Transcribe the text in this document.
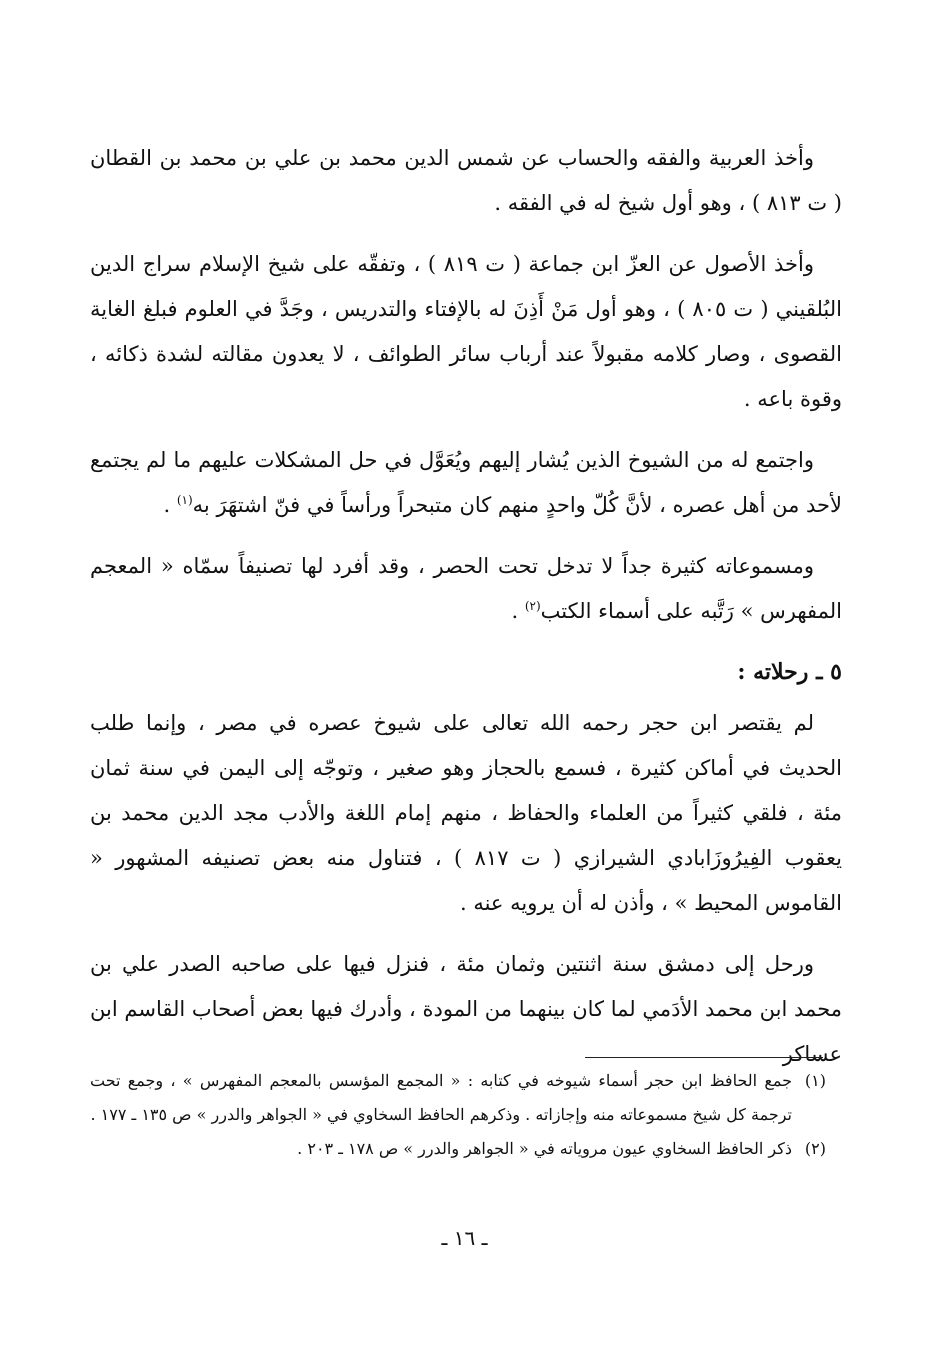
وأخذ العربية والفقه والحساب عن شمس الدين محمد بن علي بن محمد بن القطان ( ت ٨١٣ ) ، وهو أول شيخ له في الفقه .

وأخذ الأصول عن العزّ ابن جماعة ( ت ٨١٩ ) ، وتفقّه على شيخ الإسلام سراج الدين البُلقيني ( ت ٨٠٥ ) ، وهو أول مَنْ أَذِنَ له بالإفتاء والتدريس ، وجَدَّ في العلوم فبلغ الغاية القصوى ، وصار كلامه مقبولاً عند أرباب سائر الطوائف ، لا يعدون مقالته لشدة ذكائه ، وقوة باعه .

واجتمع له من الشيوخ الذين يُشار إليهم ويُعَوَّل في حل المشكلات عليهم ما لم يجتمع لأحد من أهل عصره ، لأنَّ كُلّ واحدٍ منهم كان متبحراً ورأساً في فنّ اشتهَرَ به$^{(١)}$ .

ومسموعاته كثيرة جداً لا تدخل تحت الحصر ، وقد أفرد لها تصنيفاً سمّاه « المعجم المفهرس » رَتَّبه على أسماء الكتب$^{(٢)}$ .

٥ ـ رحلاته :

لم يقتصر ابن حجر رحمه الله تعالى على شيوخ عصره في مصر ، وإنما طلب الحديث في أماكن كثيرة ، فسمع بالحجاز وهو صغير ، وتوجّه إلى اليمن في سنة ثمان مئة ، فلقي كثيراً من العلماء والحفاظ ، منهم إمام اللغة والأدب مجد الدين محمد بن يعقوب الفِيرُوزَابادي الشيرازي ( ت ٨١٧ ) ، فتناول منه بعض تصنيفه المشهور « القاموس المحيط » ، وأذن له أن يرويه عنه .

ورحل إلى دمشق سنة اثنتين وثمان مئة ، فنزل فيها على صاحبه الصدر علي بن محمد ابن محمد الأدَمي لما كان بينهما من المودة ، وأدرك فيها بعض أصحاب القاسم ابن عساكر

(١)
جمع الحافظ ابن حجر أسماء شيوخه في كتابه : « المجمع المؤسس بالمعجم المفهرس » ، وجمع تحت ترجمة كل شيخ مسموعاته منه وإجازاته . وذكرهم الحافظ السخاوي في « الجواهر والدرر » ص ١٣٥ ـ ١٧٧ .
(٢)
ذكر الحافظ السخاوي عيون مروياته في « الجواهر والدرر » ص ١٧٨ ـ ٢٠٣ .
ـ ١٦ ـ
